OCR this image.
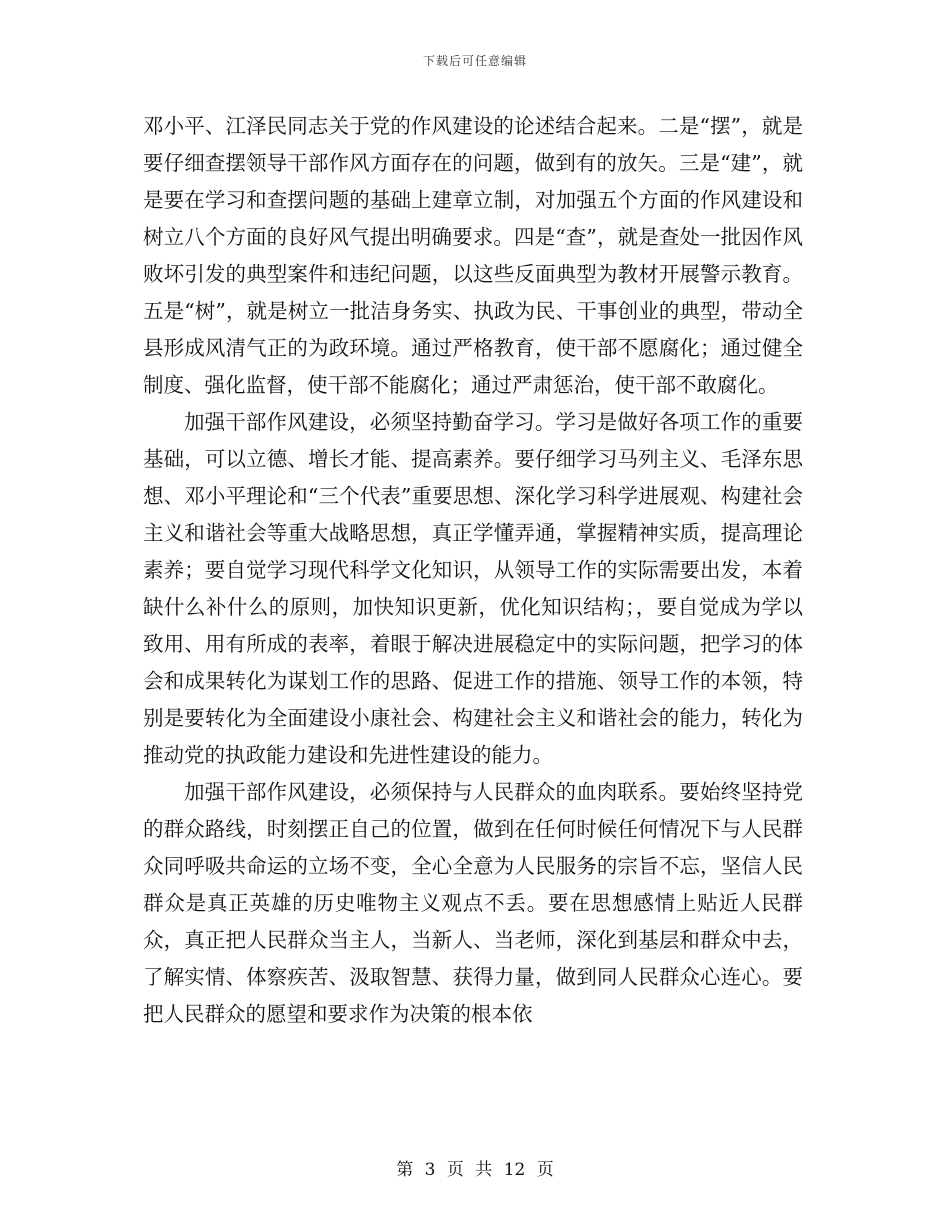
下载后可任意编辑

邓小平、江泽民同志关于党的作风建设的论述结合起来。二是“摆”，就是要仔细查摆领导干部作风方面存在的问题，做到有的放矢。三是“建”，就是要在学习和查摆问题的基础上建章立制，对加强五个方面的作风建设和树立八个方面的良好风气提出明确要求。四是“查”，就是查处一批因作风败坏引发的典型案件和违纪问题，以这些反面典型为教材开展警示教育。五是“树”，就是树立一批洁身务实、执政为民、干事创业的典型，带动全县形成风清气正的为政环境。通过严格教育，使干部不愿腐化；通过健全制度、强化监督，使干部不能腐化；通过严肃惩治，使干部不敢腐化。

加强干部作风建设，必须坚持勤奋学习。学习是做好各项工作的重要基础，可以立德、增长才能、提高素养。要仔细学习马列主义、毛泽东思想、邓小平理论和“三个代表”重要思想、深化学习科学进展观、构建社会主义和谐社会等重大战略思想，真正学懂弄通，掌握精神实质，提高理论素养；要自觉学习现代科学文化知识，从领导工作的实际需要出发，本着缺什么补什么的原则，加快知识更新，优化知识结构；，要自觉成为学以致用、用有所成的表率，着眼于解决进展稳定中的实际问题，把学习的体会和成果转化为谋划工作的思路、促进工作的措施、领导工作的本领，特别是要转化为全面建设小康社会、构建社会主义和谐社会的能力，转化为推动党的执政能力建设和先进性建设的能力。

加强干部作风建设，必须保持与人民群众的血肉联系。要始终坚持党的群众路线，时刻摆正自己的位置，做到在任何时候任何情况下与人民群众同呼吸共命运的立场不变，全心全意为人民服务的宗旨不忘，坚信人民群众是真正英雄的历史唯物主义观点不丢。要在思想感情上贴近人民群众，真正把人民群众当主人，当新人、当老师，深化到基层和群众中去，了解实情、体察疾苦、汲取智慧、获得力量，做到同人民群众心连心。要把人民群众的愿望和要求作为决策的根本依

第 3 页 共 12 页
